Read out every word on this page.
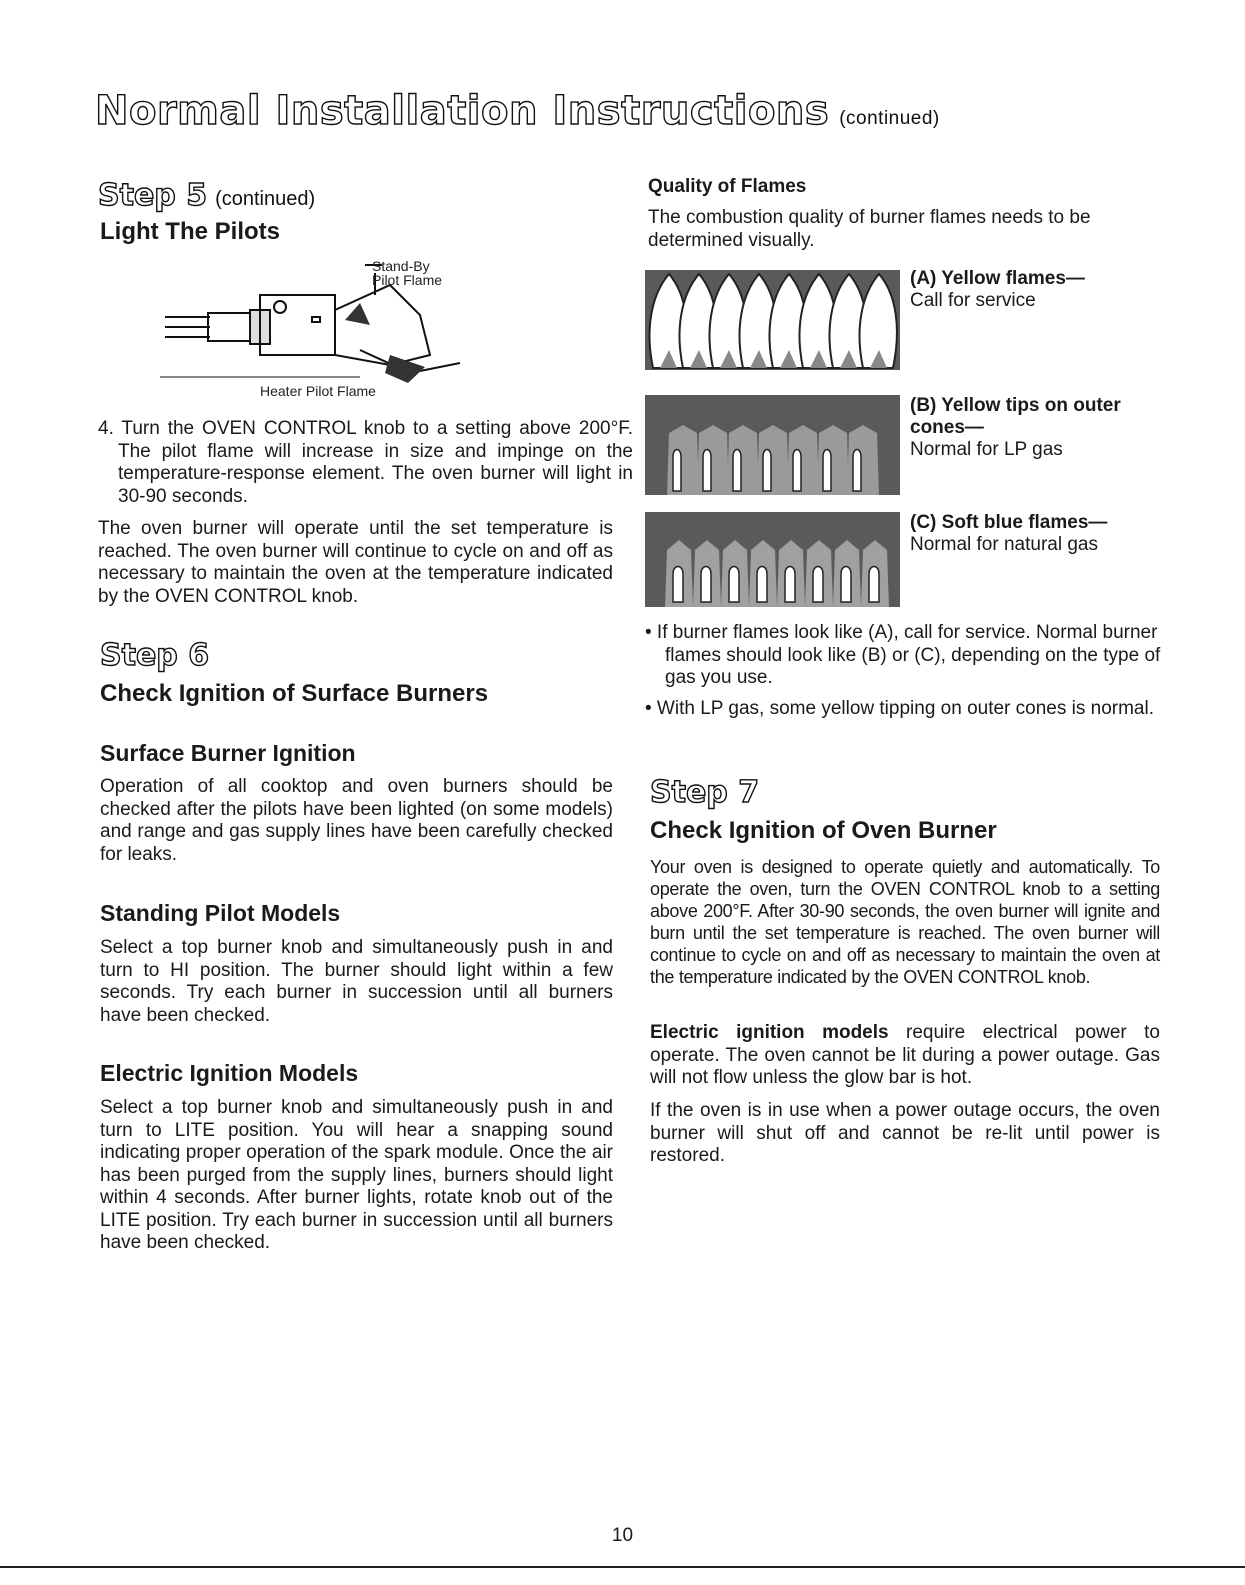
Normal Installation Instructions (continued)
Step 5 (continued)
Light The Pilots
Stand-By
Pilot Flame
Heater Pilot Flame
4. Turn the OVEN CONTROL knob to a setting above 200°F. The pilot flame will increase in size and impinge on the temperature-response element. The oven burner will light in 30-90 seconds.
The oven burner will operate until the set temperature is reached. The oven burner will continue to cycle on and off as necessary to maintain the oven at the temperature indicated by the OVEN CONTROL knob.
Step 6
Check Ignition of Surface Burners
Surface Burner Ignition
Operation of all cooktop and oven burners should be checked after the pilots have been lighted (on some models) and range and gas supply lines have been carefully checked for leaks.
Standing Pilot Models
Select a top burner knob and simultaneously push in and turn to HI position. The burner should light within a few seconds. Try each burner in succession until all burners have been checked.
Electric Ignition Models
Select a top burner knob and simultaneously push in and turn to LITE position. You will hear a snapping sound indicating proper operation of the spark module. Once the air has been purged from the supply lines, burners should light within 4 seconds. After burner lights, rotate knob out of the LITE position. Try each burner in succession until all burners have been checked.
Quality of Flames
The combustion quality of burner flames needs to be determined visually.
(A) Yellow flames—
Call for service
(B) Yellow tips on outer cones—
Normal for LP gas
(C) Soft blue flames—
Normal for natural gas
• If burner flames look like (A), call for service. Normal burner flames should look like (B) or (C), depending on the type of gas you use.
• With LP gas, some yellow tipping on outer cones is normal.
Step 7
Check Ignition of Oven Burner
Your oven is designed to operate quietly and automatically. To operate the oven, turn the OVEN CONTROL knob to a setting above 200°F. After 30-90 seconds, the oven burner will ignite and burn until the set temperature is reached. The oven burner will continue to cycle on and off as necessary to maintain the oven at the temperature indicated by the OVEN CONTROL knob.
Electric ignition models require electrical power to operate. The oven cannot be lit during a power outage. Gas will not flow unless the glow bar is hot.
If the oven is in use when a power outage occurs, the oven burner will shut off and cannot be re-lit until power is restored.
10
